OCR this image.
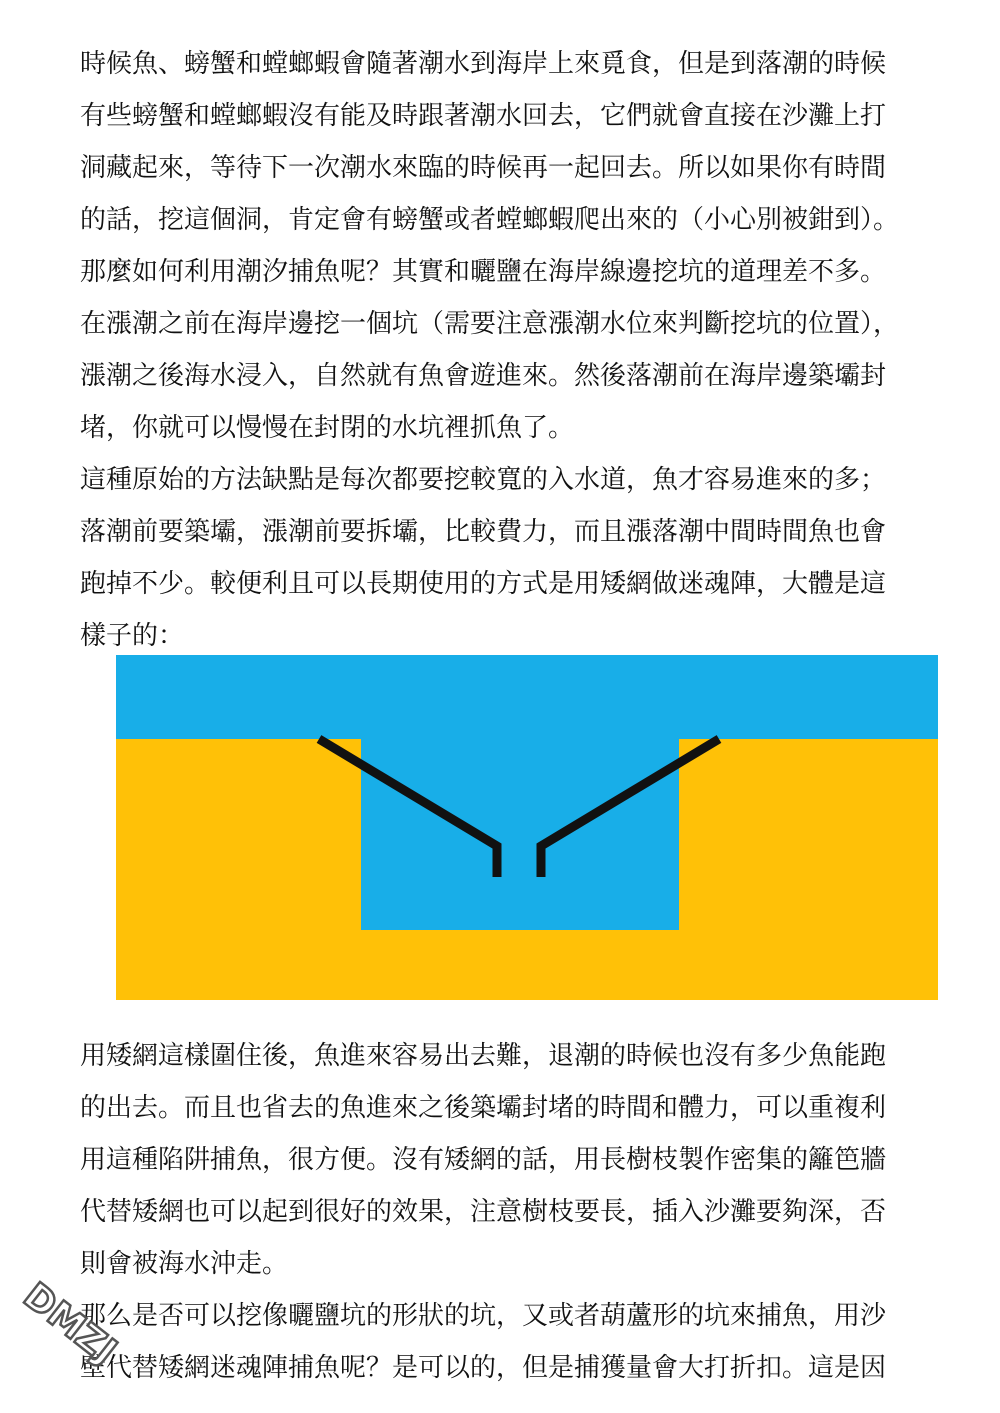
時候魚、螃蟹和螳螂蝦會隨著潮水到海岸上來覓食，但是到落潮的時候
有些螃蟹和螳螂蝦沒有能及時跟著潮水回去，它們就會直接在沙灘上打
洞藏起來，等待下一次潮水來臨的時候再一起回去。所以如果你有時間
的話，挖這個洞，肯定會有螃蟹或者螳螂蝦爬出來的（小心別被鉗到）。
那麼如何利用潮汐捕魚呢？其實和曬鹽在海岸線邊挖坑的道理差不多。
在漲潮之前在海岸邊挖一個坑（需要注意漲潮水位來判斷挖坑的位置），
漲潮之後海水浸入，自然就有魚會遊進來。然後落潮前在海岸邊築壩封
堵，你就可以慢慢在封閉的水坑裡抓魚了。
這種原始的方法缺點是每次都要挖較寬的入水道，魚才容易進來的多；
落潮前要築壩，漲潮前要拆壩，比較費力，而且漲落潮中間時間魚也會
跑掉不少。較便利且可以長期使用的方式是用矮網做迷魂陣，大體是這
樣子的：
用矮網這樣圍住後，魚進來容易出去難，退潮的時候也沒有多少魚能跑
的出去。而且也省去的魚進來之後築壩封堵的時間和體力，可以重複利
用這種陷阱捕魚，很方便。沒有矮網的話，用長樹枝製作密集的籬笆牆
代替矮網也可以起到很好的效果，注意樹枝要長，插入沙灘要夠深，否
則會被海水沖走。
那么是否可以挖像曬鹽坑的形狀的坑，又或者葫蘆形的坑來捕魚，用沙
壁代替矮網迷魂陣捕魚呢？是可以的，但是捕獲量會大打折扣。這是因
DMZJ
